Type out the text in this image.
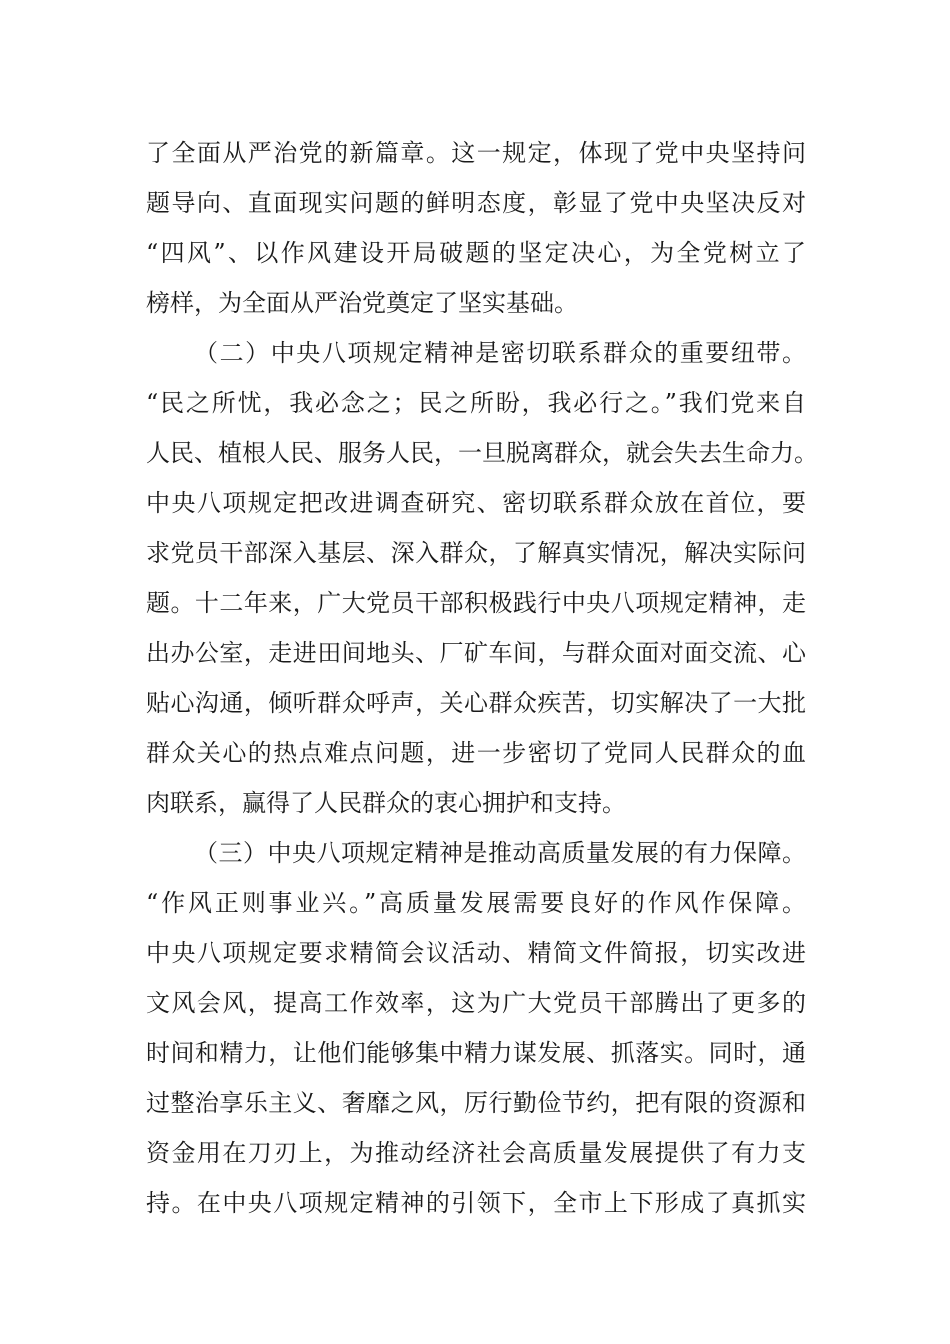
了全面从严治党的新篇章。这一规定，体现了党中央坚持问
题导向、直面现实问题的鲜明态度，彰显了党中央坚决反对
“四风”、以作风建设开局破题的坚定决心，为全党树立了
榜样，为全面从严治党奠定了坚实基础。
（二）中央八项规定精神是密切联系群众的重要纽带。
“民之所忧，我必念之；民之所盼，我必行之。”我们党来自
人民、植根人民、服务人民，一旦脱离群众，就会失去生命力。
中央八项规定把改进调查研究、密切联系群众放在首位，要
求党员干部深入基层、深入群众，了解真实情况，解决实际问
题。十二年来，广大党员干部积极践行中央八项规定精神，走
出办公室，走进田间地头、厂矿车间，与群众面对面交流、心
贴心沟通，倾听群众呼声，关心群众疾苦，切实解决了一大批
群众关心的热点难点问题，进一步密切了党同人民群众的血
肉联系，赢得了人民群众的衷心拥护和支持。
（三）中央八项规定精神是推动高质量发展的有力保障。
“作风正则事业兴。”高质量发展需要良好的作风作保障。
中央八项规定要求精简会议活动、精简文件简报，切实改进
文风会风，提高工作效率，这为广大党员干部腾出了更多的
时间和精力，让他们能够集中精力谋发展、抓落实。同时，通
过整治享乐主义、奢靡之风，厉行勤俭节约，把有限的资源和
资金用在刀刃上，为推动经济社会高质量发展提供了有力支
持。在中央八项规定精神的引领下，全市上下形成了真抓实
